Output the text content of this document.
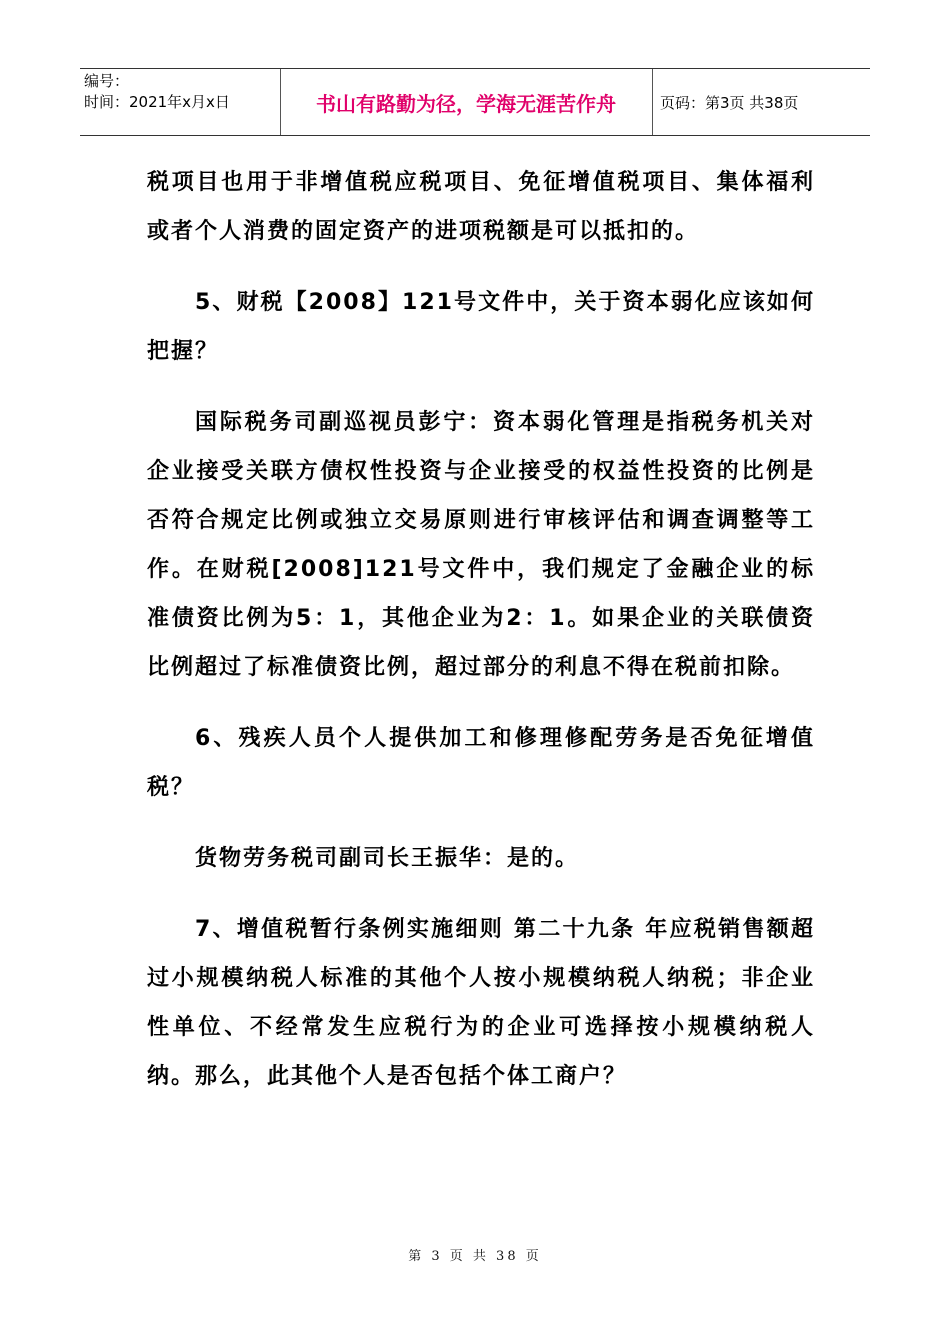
编号：
时间：2021年x月x日	书山有路勤为径，学海无涯苦作舟	页码：第3页 共38页

税项目也用于非增值税应税项目、免征增值税项目、集体福利或者个人消费的固定资产的进项税额是可以抵扣的。

5、财税【2008】121号文件中，关于资本弱化应该如何把握？

国际税务司副巡视员彭宁：资本弱化管理是指税务机关对企业接受关联方债权性投资与企业接受的权益性投资的比例是否符合规定比例或独立交易原则进行审核评估和调查调整等工作。在财税[2008]121号文件中，我们规定了金融企业的标准债资比例为5：1，其他企业为2：1。如果企业的关联债资比例超过了标准债资比例，超过部分的利息不得在税前扣除。

6、残疾人员个人提供加工和修理修配劳务是否免征增值税？

货物劳务税司副司长王振华：是的。

7、增值税暂行条例实施细则 第二十九条 年应税销售额超过小规模纳税人标准的其他个人按小规模纳税人纳税；非企业性单位、不经常发生应税行为的企业可选择按小规模纳税人纳。那么，此其他个人是否包括个体工商户？

第 3 页 共 38 页
